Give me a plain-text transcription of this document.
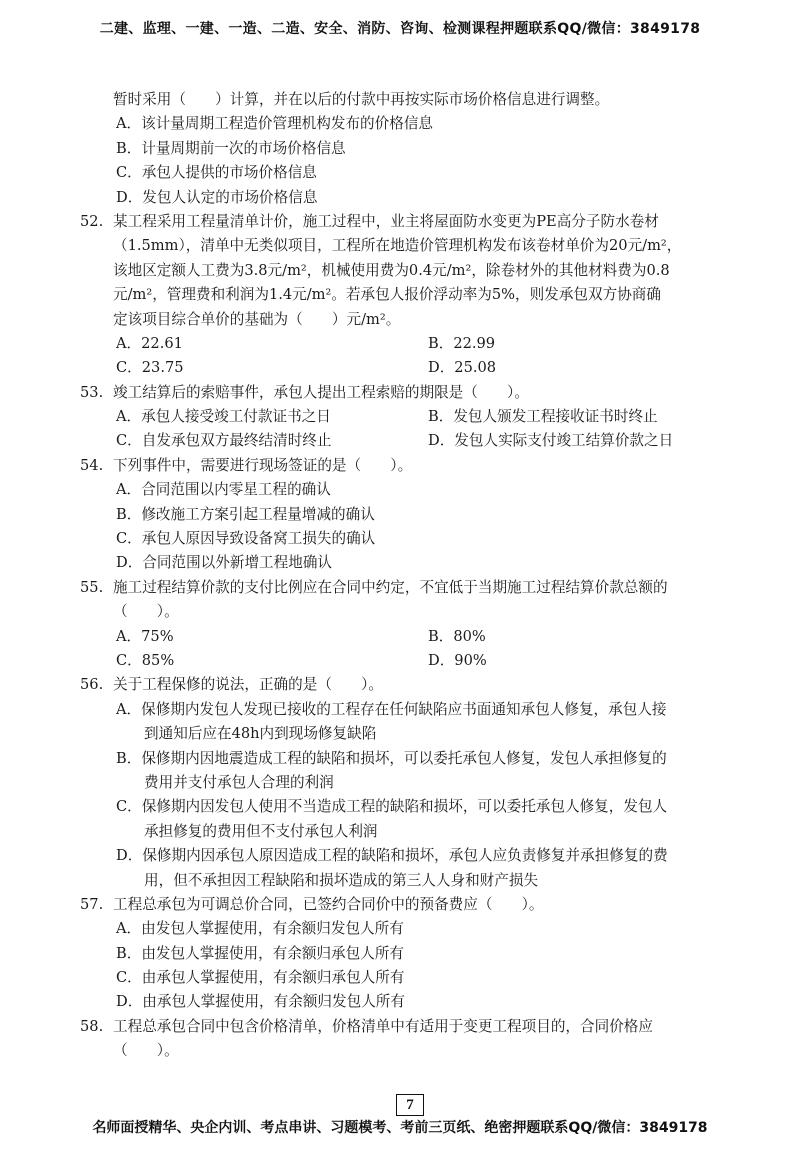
二建、监理、一建、一造、二造、安全、消防、咨询、检测课程押题联系QQ/微信：3849178
暂时采用（　　）计算，并在以后的付款中再按实际市场价格信息进行调整。
A．该计量周期工程造价管理机构发布的价格信息
B．计量周期前一次的市场价格信息
C．承包人提供的市场价格信息
D．发包人认定的市场价格信息
52. 某工程采用工程量清单计价，施工过程中，业主将屋面防水变更为PE高分子防水卷材
（1.5mm），清单中无类似项目，工程所在地造价管理机构发布该卷材单价为20元/m²，
该地区定额人工费为3.8元/m²，机械使用费为0.4元/m²，除卷材外的其他材料费为0.8
元/m²，管理费和利润为1.4元/m²。若承包人报价浮动率为5%，则发承包双方协商确
定该项目综合单价的基础为（　　）元/m²。
A．22.61	B．22.99
C．23.75	D．25.08
53. 竣工结算后的索赔事件，承包人提出工程索赔的期限是（　　）。
A．承包人接受竣工付款证书之日	B．发包人颁发工程接收证书时终止
C．自发承包双方最终结清时终止	D．发包人实际支付竣工结算价款之日
54. 下列事件中，需要进行现场签证的是（　　）。
A．合同范围以内零星工程的确认
B．修改施工方案引起工程量增减的确认
C．承包人原因导致设备窝工损失的确认
D．合同范围以外新增工程地确认
55. 施工过程结算价款的支付比例应在合同中约定，不宜低于当期施工过程结算价款总额的
（　　）。
A．75%	B．80%
C．85%	D．90%
56. 关于工程保修的说法，正确的是（　　）。
A．保修期内发包人发现已接收的工程存在任何缺陷应书面通知承包人修复，承包人接
到通知后应在48h内到现场修复缺陷
B．保修期内因地震造成工程的缺陷和损坏，可以委托承包人修复，发包人承担修复的
费用并支付承包人合理的利润
C．保修期内因发包人使用不当造成工程的缺陷和损坏，可以委托承包人修复，发包人
承担修复的费用但不支付承包人利润
D．保修期内因承包人原因造成工程的缺陷和损坏，承包人应负责修复并承担修复的费
用，但不承担因工程缺陷和损坏造成的第三人人身和财产损失
57. 工程总承包为可调总价合同，已签约合同价中的预备费应（　　）。
A．由发包人掌握使用，有余额归发包人所有
B．由发包人掌握使用，有余额归承包人所有
C．由承包人掌握使用，有余额归承包人所有
D．由承包人掌握使用，有余额归发包人所有
58. 工程总承包合同中包含价格清单，价格清单中有适用于变更工程项目的，合同价格应
（　　）。
7
名师面授精华、央企内训、考点串讲、习题模考、考前三页纸、绝密押题联系QQ/微信：3849178
